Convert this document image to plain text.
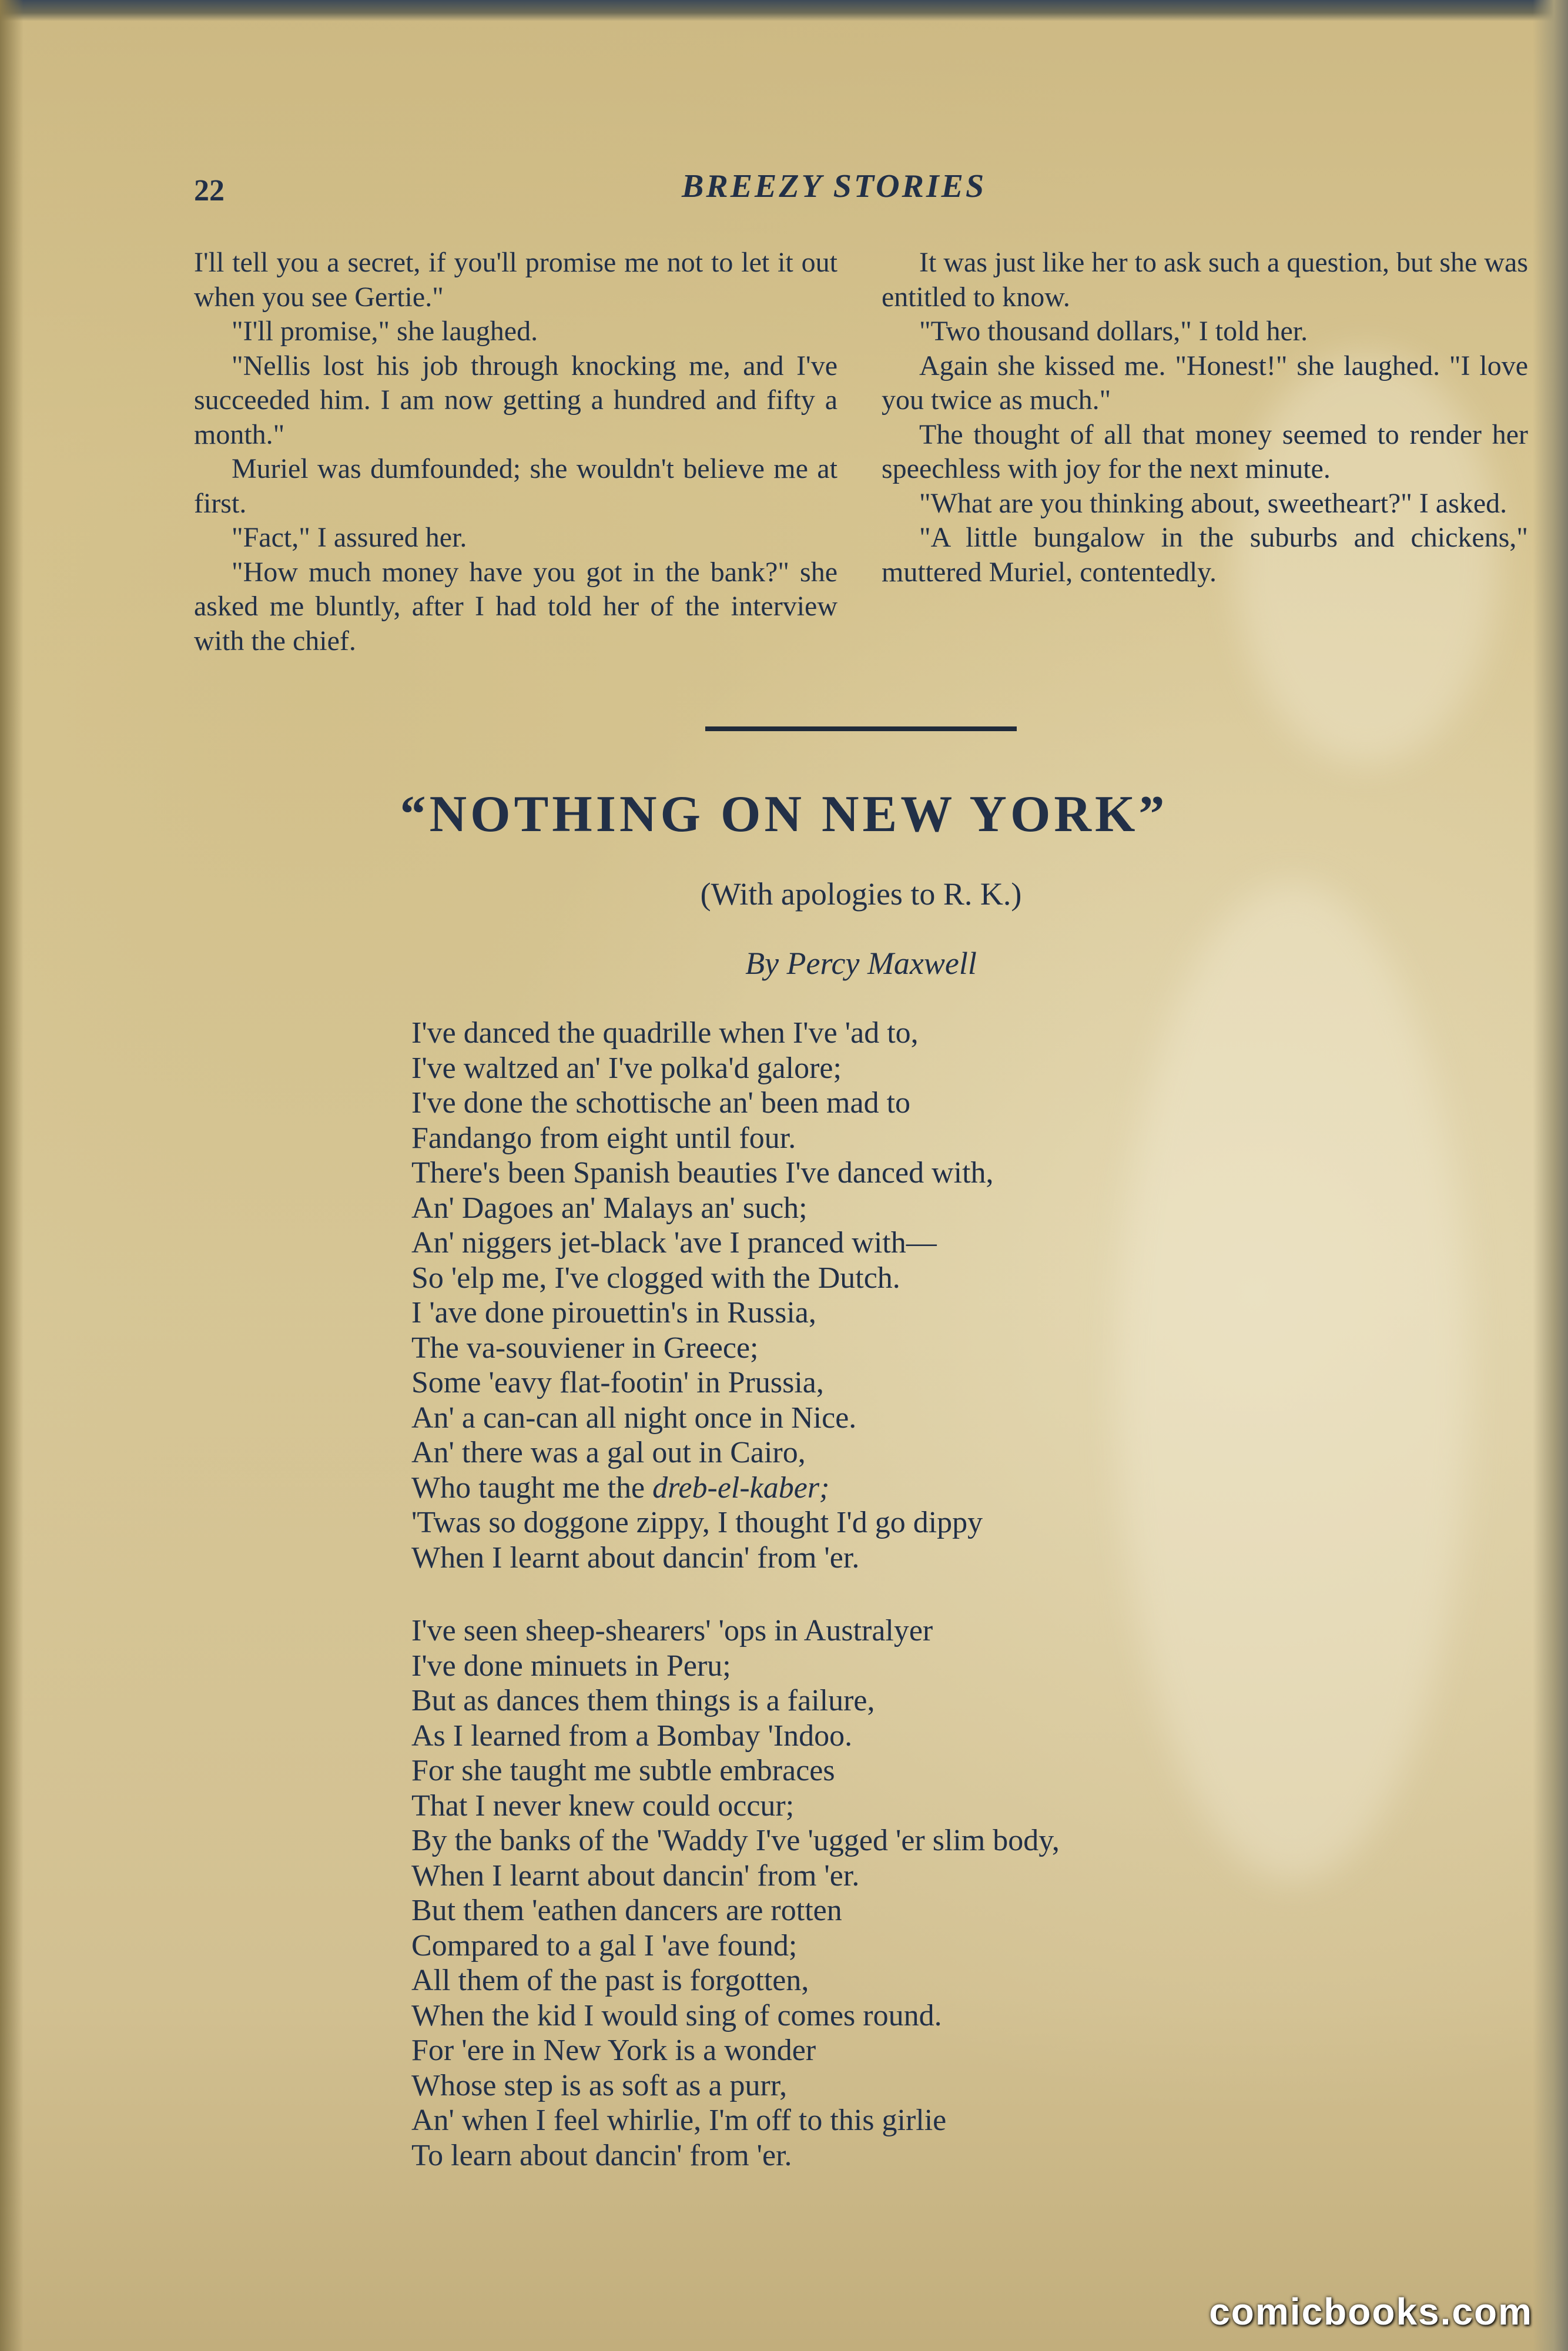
22	BREEZY STORIES

I'll tell you a secret, if you'll promise me not to let it out when you see Gertie."

"I'll promise," she laughed.

"Nellis lost his job through knocking me, and I've succeeded him. I am now getting a hundred and fifty a month."

Muriel was dumfounded; she wouldn't believe me at first.

"Fact," I assured her.

"How much money have you got in the bank?" she asked me bluntly, after I had told her of the interview with the chief.

It was just like her to ask such a question, but she was entitled to know.

"Two thousand dollars," I told her.

Again she kissed me. "Honest!" she laughed. "I love you twice as much."

The thought of all that money seemed to render her speechless with joy for the next minute.

"What are you thinking about, sweetheart?" I asked.

"A little bungalow in the suburbs and chickens," muttered Muriel, contentedly.

“NOTHING ON NEW YORK”
(With apologies to R. K.)
By Percy Maxwell
I've danced the quadrille when I've 'ad to,
I've waltzed an' I've polka'd galore;
I've done the schottische an' been mad to
Fandango from eight until four.
There's been Spanish beauties I've danced with,
An' Dagoes an' Malays an' such;
An' niggers jet-black 'ave I pranced with—
So 'elp me, I've clogged with the Dutch.
I 'ave done pirouettin's in Russia,
The va-souviener in Greece;
Some 'eavy flat-footin' in Prussia,
An' a can-can all night once in Nice.
An' there was a gal out in Cairo,
Who taught me the dreb-el-kaber;
'Twas so doggone zippy, I thought I'd go dippy
When I learnt about dancin' from 'er.
I've seen sheep-shearers' 'ops in Australyer
I've done minuets in Peru;
But as dances them things is a failure,
As I learned from a Bombay 'Indoo.
For she taught me subtle embraces
That I never knew could occur;
By the banks of the 'Waddy I've 'ugged 'er slim body,
When I learnt about dancin' from 'er.
But them 'eathen dancers are rotten
Compared to a gal I 'ave found;
All them of the past is forgotten,
When the kid I would sing of comes round.
For 'ere in New York is a wonder
Whose step is as soft as a purr,
An' when I feel whirlie, I'm off to this girlie
To learn about dancin' from 'er.
comicbooks.com
